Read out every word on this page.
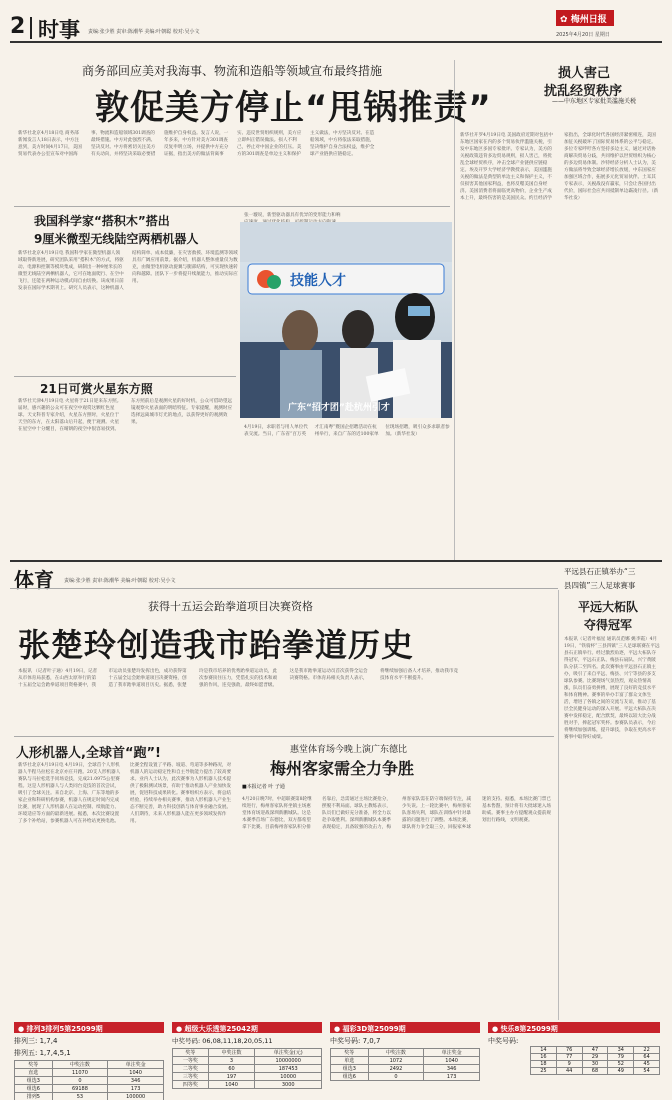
2 时事 责编:张少胜 责审:陈潮华 美编:叶朝聪 校对:吴小文
✿ 梅州日报
2025年4月20日 星期日
商务部回应美对我海事、物流和造船等领域宣布最终措施
敦促美方停止“甩锅推责”
新华社北京4月18日电 商务部新闻发言人18日表示，中方注意到，美方时间4月17日，美国贸易代表办公室宣布对中国海事、物流和造船领域301调查的最终措施。中方对此强烈不满、坚决反对。中方将密切关注美方有关动向，并将坚决采取必要措施维护自身权益。发言人说，一年多来，中方针对美方301调查反复申明立场，并提供中方充分证据，指出美方的做法背离事实、违反世贸组织规则，美方应立即纠正错误做法。损人不利己，停止对中国企业的打压。美方的301调查是单边主义和保护主义做法，中方坚决反对。在造船领域，中方将依法采取措施，坚决维护自身合法权益，维护全球产业链供应链稳定。
我国科学家“搭积木”搭出
9厘米微型无线陆空两栖机器人
新华社北京4月19日电 我国科学家在微型机器人领域取得新进展，研究团队采用“搭积木”的方式，将驱动、电源和控制等模块集成，研制出一种9厘米长的微型无线陆空两栖机器人，它可在地面爬行、在空中飞行，还能在两种运动模式间自由切换。该成果日前发表在国际学术期刊上。研究人员表示，这种机器人结构简单、成本低廉，在灾害救援、环境监测等领域具有广阔应用前景。据介绍，机器人整体重量仅为数克，由微型电机驱动旋翼与腿部结构，可实现快速转向和越障。团队下一步将提升续航能力，推动实际应用。
张一璇说，新型驱动器具有优异的变形能力和响
21日可赏火星东方照
新华社天津4月19日电 火星将于21日迎来东方照。届时，感兴趣的公众可在夜空中观赏这颗红色星球。天文科普专家介绍，火星东方照时，火星位于天空的东方，在太阳落山后升起，便于观测。火星在星空中十分醒目，在晴朗的夜空中很容易找到。东方照前后是观测火星的好时机，公众可借助望远镜观察火星表面的明暗特征。专家提醒，观测时应选择远离城市灯光的地点，以获得更好的观测效果。
技能人才
广东“招才团”赴杭州引才
4月19日，求职者与用人单位代表交流。当日，广东省“百万英才汇南粤”暨国企招聘活动在杭州举行，来自广东的近100家单位现场招聘，吸引众多求职者参加。（新华社发）
损人害己
扰乱经贸秩序
——中东地区专家批美滥施关税
新华社开罗4月19日电 美国政府近期对包括中东地区国家在内的多个贸易伙伴滥施关税，引发中东地区多国专家批评。专家认为，美方的关税政策违背多边贸易规则，损人害己，将扰乱全球经贸秩序，冲击全球产业链供应链稳定。埃及开罗大学经济学教授表示，美国滥施关税的做法是典型的单边主义和保护主义，不仅损害其他国家利益，也将反噬美国自身经济。美国消费者将面临更高物价，企业生产成本上升，最终伤害的是美国民众。约旦经济学家指出，全球化时代各国经济紧密相连，美国加征关税破坏了国际贸易体系的公平与稳定。多位专家呼吁各方坚持多边主义，通过对话协商解决贸易分歧，共同维护以世贸组织为核心的多边贸易体制。沙特经济分析人士认为，美方做法将导致全球经济增长放缓，中东国家应加强区域合作，拓展多元化贸易伙伴。土耳其专家表示，关税战没有赢家，只会让各国付出代价，国际社会应共同抵制单边霸凌行径。（新华社发）
体育 责编:张少胜 责审:陈潮华 美编:叶朝聪 校对:吴小文
获得十五运会跆拳道项目决赛资格
张楚玲创造我市跆拳道历史
本报讯 （记者叶子通）4月19日，记者从市体育局获悉，在山西太原举行的第十五届全运会跆拳道项目资格赛中，我市运动员张楚玲发挥出色，成功获得第十五届全运会跆拳道项目决赛资格，创造了我市跆拳道项目历史。据悉，张楚玲是我市培养的优秀跆拳道运动员，此次参赛顶住压力，凭借扎实的技术和顽强的作风，连克强敌，最终如愿晋级。这是我市跆拳道运动员首次获得全运会决赛资格。市体育局相关负责人表示，将继续加强后备人才培养，推动我市竞技体育水平不断提升。
平远县石正镇举办“三
县四镇”三人足球赛事
平远大柘队
夺得冠军
本报讯（记者叶福星 通讯员范娜 姚李霞）4月19日，“铁骑杯”三县四镇“三人足球联赛在平远县石正镇举行。经过激烈角逐，平远大柘队夺得冠军，平远石正队、梅县石扇队、兴宁黄陂队分获二至四名。此次赛事由平远县石正镇主办，吸引了来自平远、梅县、兴宁等县的多支球队参赛。比赛现场气氛热烈，观众热情高涨，队员们奋勇拼搏，展现了良好的竞技水平和体育精神。赛事的举办丰富了群众文体生活，增进了各镇之间的交流与友谊，推动了基层全民健身运动的深入开展。平远大柘队在决赛中发挥稳定，配合默契，最终以较大比分战胜对手，捧起冠军奖杯。参赛队员表示，今后将继续加强训练，提升球技，争取在更高水平赛事中取得好成绩。
人形机器人,全球首“跑”!
新华社北京4月19日电 4月19日，全球首个人形机器人半程马拉松在北京亦庄开跑。20支人形机器人赛队与马拉松选手同场竞技，完成21.0975公里赛程。这是人形机器人与人类同台竞技的首次尝试，吸引了全球关注。来自北京、上海、广东等地的多家企业和科研机构参赛，机器人在规定时间内完成比赛，展现了人形机器人在运动控制、续航能力、环境适应等方面的最新进展。据悉，本次比赛设置了多个补给站，参赛机器人可在补给站更换电池。比赛全程设置了平路、坡道、弯道等多种路况，对机器人的运动稳定性和自主导航能力提出了较高要求。业内人士认为，此次赛事为人形机器人技术提供了极限测试场景，有助于推动机器人产业加快发展，促进科技成果转化。赛事组织方表示，将总结经验，持续举办相关赛事，推动人形机器人产业生态不断完善，助力科技创新与体育事业融合发展。人们期待，未来人形机器人能在更多领域发挥作用。
惠堂体育场今晚上演广东德比
梅州客家需全力争胜
■本报记者 叶 子通
4月20日晚7时，中超联赛第8轮继续进行，梅州客家队将坐镇主场惠堂体育场迎战深圳新鹏城队。这是本赛季首场广东德比，双方都希望拿下比赛。目前梅州客家队积分排名靠后，急需通过主场比赛抢分，摆脱不利局面。球队主教练表示，队员们已做好充分准备，将全力以赴争取胜利。深圳新鹏城队本赛季表现稳定，具备较强的攻击力，梅州客家队需在防守端保持专注，减少失误。上一轮比赛中，梅州客家队客场失利，球队在训练中针对暴露的问题进行了调整。本场比赛，球队将力争全取三分，回报家乡球迷的支持。据悉，本场比赛门票已基本售罄，预计将有大批球迷入场助威。赛事主办方提醒观众提前规划出行路线，文明观赛。
● 排列3排列5第25099期
排列三: 1,7,4
排列五: 1,7,4,5,1
奖等	中奖注数	单注奖金
直选	11070	1040
组选3	0	346
组选6	69188	173
排列5	53	100000
● 超级大乐透第25042期
中奖号码: 06,08,11,18,20,05,11
奖等	中奖注数	单注奖金(元)
一等奖	3	10000000
二等奖	60	187453
三等奖	197	10000
四等奖	1040	3000
● 福彩3D第25099期
中奖号码: 7,0,7
奖等	中奖注数	单注奖金
单选	1072	1040
组选3	2492	346
组选6	0	173
● 快乐8第25099期
中奖号码:
14	76	47	34	22
16	77	29	79	64
18	9	30	52	45
25	44	68	49	54
